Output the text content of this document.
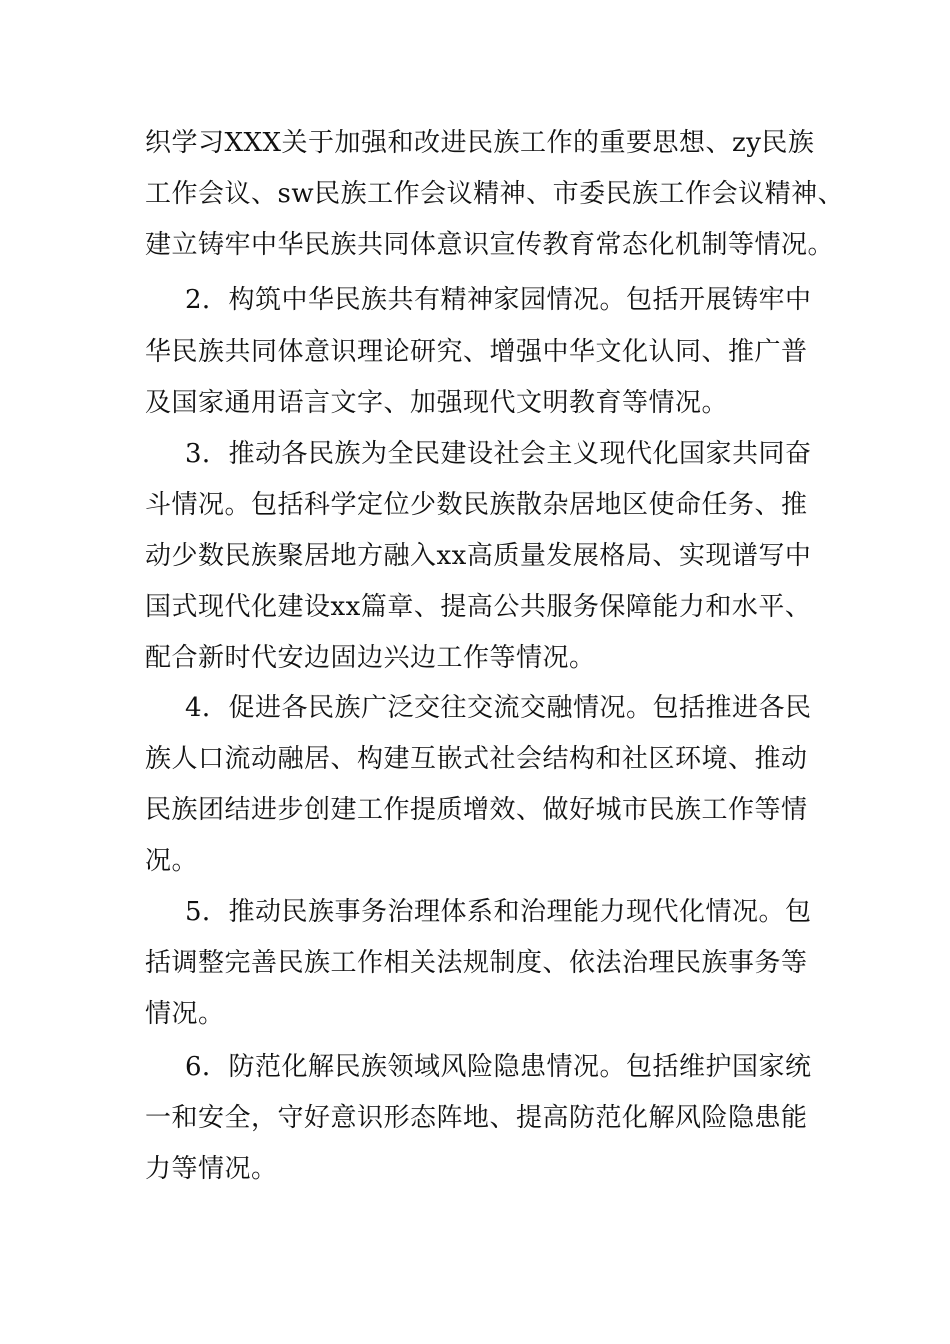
织学习XXX关于加强和改进民族工作的重要思想、zy民族
工作会议、sw民族工作会议精神、市委民族工作会议精神、
建立铸牢中华民族共同体意识宣传教育常态化机制等情况。
2．构筑中华民族共有精神家园情况。包括开展铸牢中
华民族共同体意识理论研究、增强中华文化认同、推广普
及国家通用语言文字、加强现代文明教育等情况。
3．推动各民族为全民建设社会主义现代化国家共同奋
斗情况。包括科学定位少数民族散杂居地区使命任务、推
动少数民族聚居地方融入xx高质量发展格局、实现谱写中
国式现代化建设xx篇章、提高公共服务保障能力和水平、
配合新时代安边固边兴边工作等情况。
4．促进各民族广泛交往交流交融情况。包括推进各民
族人口流动融居、构建互嵌式社会结构和社区环境、推动
民族团结进步创建工作提质增效、做好城市民族工作等情
况。
5．推动民族事务治理体系和治理能力现代化情况。包
括调整完善民族工作相关法规制度、依法治理民族事务等
情况。
6．防范化解民族领域风险隐患情况。包括维护国家统
一和安全，守好意识形态阵地、提高防范化解风险隐患能
力等情况。
